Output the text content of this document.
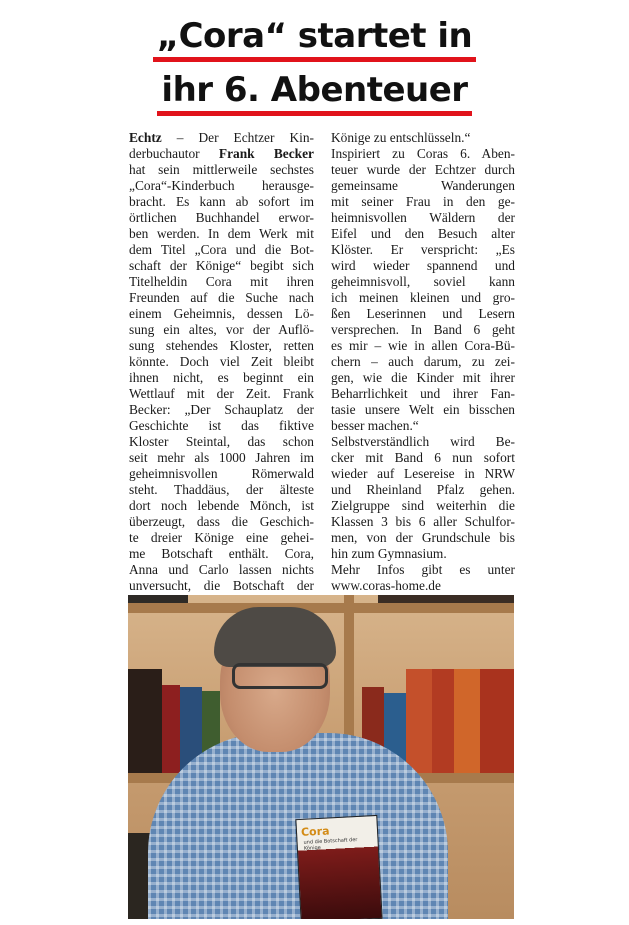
„Cora“ startet in
ihr 6. Abenteuer
Echtz – Der Echtzer Kin-
derbuchautor Frank Becker
hat sein mittlerweile sechstes
„Cora“-Kinderbuch herausge-
bracht. Es kann ab sofort im
örtlichen Buchhandel erwor-
ben werden. In dem Werk mit
dem Titel „Cora und die Bot-
schaft der Könige“ begibt sich
Titelheldin Cora mit ihren
Freunden auf die Suche nach
einem Geheimnis, dessen Lö-
sung ein altes, vor der Auflö-
sung stehendes Kloster, retten
könnte. Doch viel Zeit bleibt
ihnen nicht, es beginnt ein
Wettlauf mit der Zeit. Frank
Becker: „Der Schauplatz der
Geschichte ist das fiktive
Kloster Steintal, das schon
seit mehr als 1000 Jahren im
geheimnisvollen Römerwald
steht. Thaddäus, der älteste
dort noch lebende Mönch, ist
überzeugt, dass die Geschich-
te dreier Könige eine gehei-
me Botschaft enthält. Cora,
Anna und Carlo lassen nichts
unversucht, die Botschaft der
Könige zu entschlüsseln.“
Inspiriert zu Coras 6. Aben-
teuer wurde der Echtzer durch
gemeinsame Wanderungen
mit seiner Frau in den ge-
heimnisvollen Wäldern der
Eifel und den Besuch alter
Klöster. Er verspricht: „Es
wird wieder spannend und
geheimnisvoll, soviel kann
ich meinen kleinen und gro-
ßen Leserinnen und Lesern
versprechen. In Band 6 geht
es mir – wie in allen Cora-Bü-
chern – auch darum, zu zei-
gen, wie die Kinder mit ihrer
Beharrlichkeit und ihrer Fan-
tasie unsere Welt ein bisschen
besser machen.“
Selbstverständlich wird Be-
cker mit Band 6 nun sofort
wieder auf Lesereise in NRW
und Rheinland Pfalz gehen.
Zielgruppe sind weiterhin die
Klassen 3 bis 6 aller Schulfor-
men, von der Grundschule bis
hin zum Gymnasium.
Mehr Infos gibt es unter
www.coras-home.de
Cora
und die Botschaft der Könige
